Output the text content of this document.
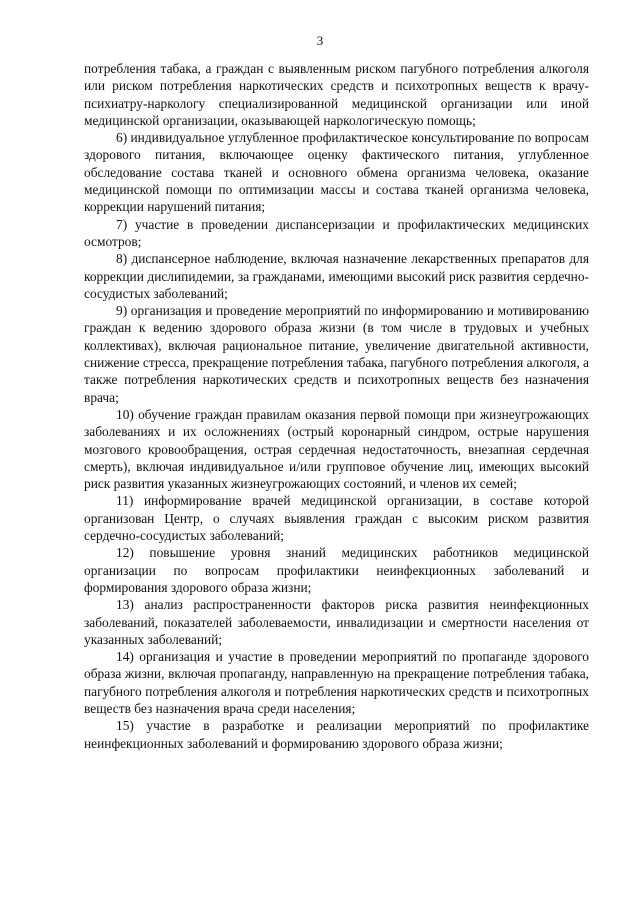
3

потребления табака, а граждан с выявленным риском пагубного потребления алкоголя или риском потребления наркотических средств и психотропных веществ к врачу-психиатру-наркологу специализированной медицинской организации или иной медицинской организации, оказывающей наркологическую помощь;

6) индивидуальное углубленное профилактическое консультирование по вопросам здорового питания, включающее оценку фактического питания, углубленное обследование состава тканей и основного обмена организма человека, оказание медицинской помощи по оптимизации массы и состава тканей организма человека, коррекции нарушений питания;

7) участие в проведении диспансеризации и профилактических медицинских осмотров;

8) диспансерное наблюдение, включая назначение лекарственных препаратов для коррекции дислипидемии, за гражданами, имеющими высокий риск развития сердечно-сосудистых заболеваний;

9) организация и проведение мероприятий по информированию и мотивированию граждан к ведению здорового образа жизни (в том числе в трудовых и учебных коллективах), включая рациональное питание, увеличение двигательной активности, снижение стресса, прекращение потребления табака, пагубного потребления алкоголя, а также потребления наркотических средств и психотропных веществ без назначения врача;

10) обучение граждан правилам оказания первой помощи при жизнеугрожающих заболеваниях и их осложнениях (острый коронарный синдром, острые нарушения мозгового кровообращения, острая сердечная недостаточность, внезапная сердечная смерть), включая индивидуальное и/или групповое обучение лиц, имеющих высокий риск развития указанных жизнеугрожающих состояний, и членов их семей;

11) информирование врачей медицинской организации, в составе которой организован Центр, о случаях выявления граждан с высоким риском развития сердечно-сосудистых заболеваний;

12) повышение уровня знаний медицинских работников медицинской организации по вопросам профилактики неинфекционных заболеваний и формирования здорового образа жизни;

13) анализ распространенности факторов риска развития неинфекционных заболеваний, показателей заболеваемости, инвалидизации и смертности населения от указанных заболеваний;

14) организация и участие в проведении мероприятий по пропаганде здорового образа жизни, включая пропаганду, направленную на прекращение потребления табака, пагубного потребления алкоголя и потребления наркотических средств и психотропных веществ без назначения врача среди населения;

15) участие в разработке и реализации мероприятий по профилактике неинфекционных заболеваний и формированию здорового образа жизни;
